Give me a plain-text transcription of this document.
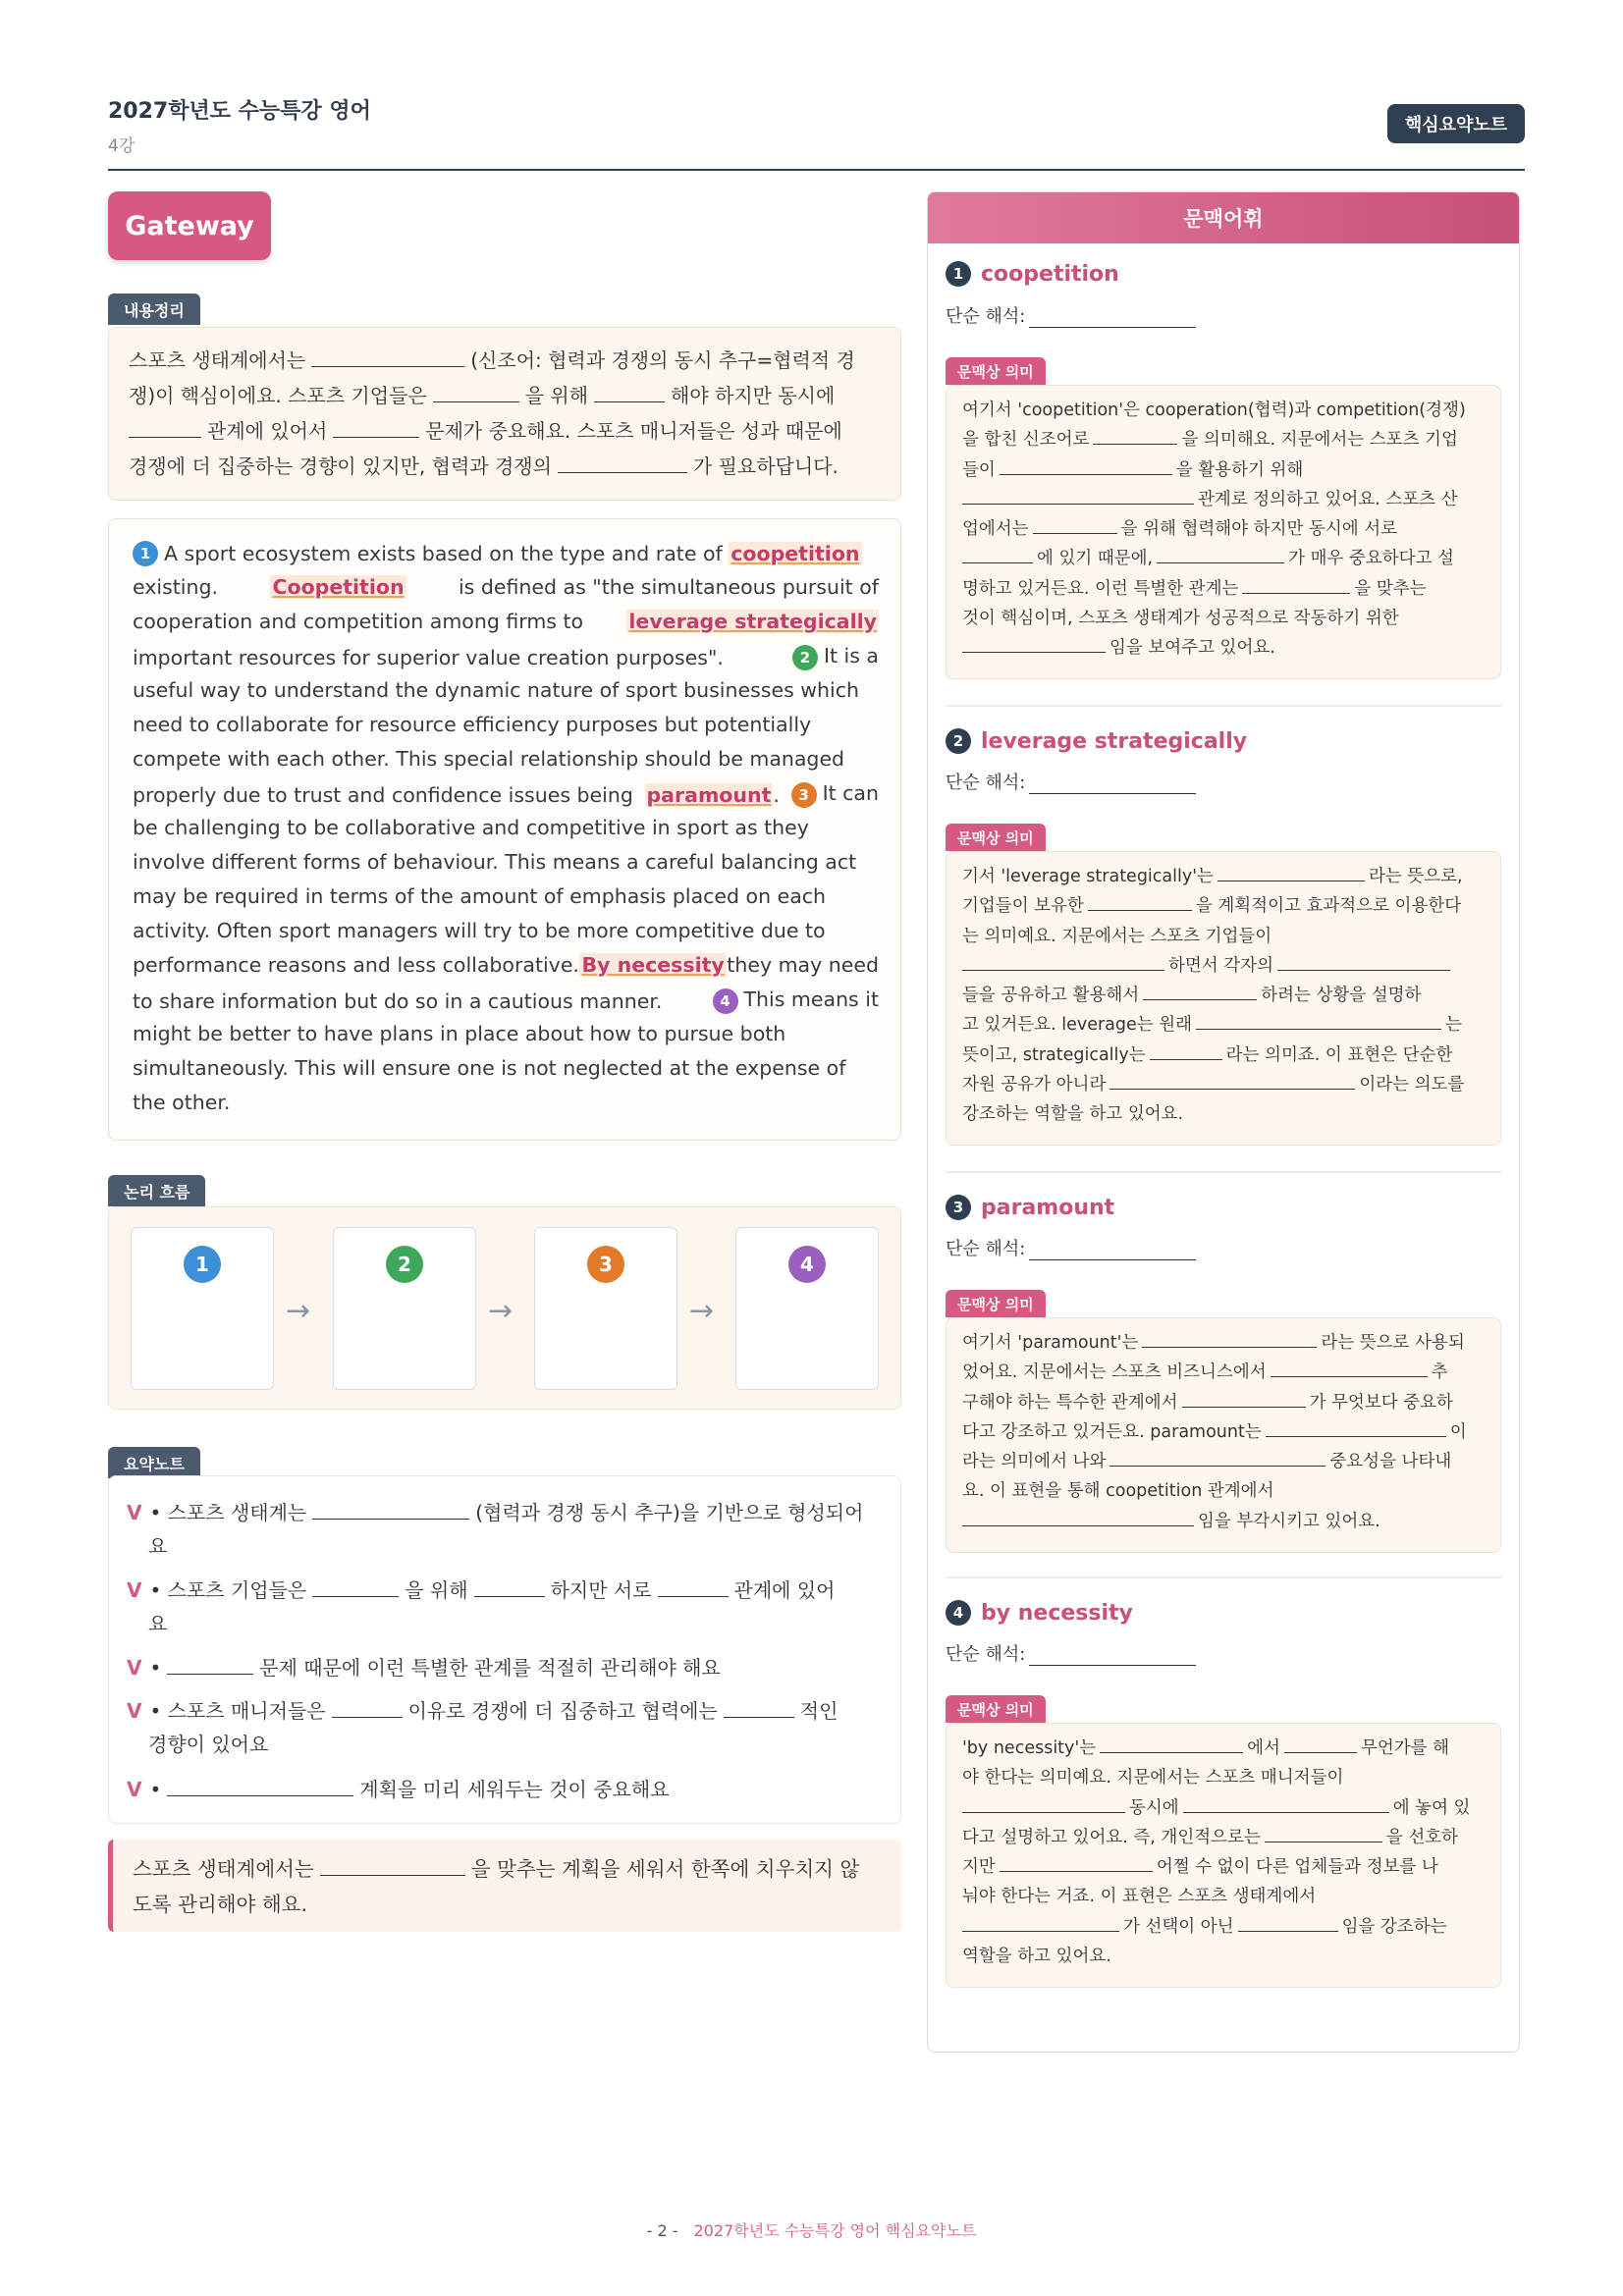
2027학년도 수능특강 영어
4강
핵심요약노트
Gateway
내용정리
스포츠 생태계에서는	(신조어: 협력과 경쟁의 동시 추구=협력적 경
쟁)이 핵심이에요. 스포츠 기업들은	을 위해	해야 하지만 동시에
관계에 있어서	문제가 중요해요. 스포츠 매니저들은 성과 때문에
경쟁에 더 집중하는 경향이 있지만, 협력과 경쟁의	가 필요하답니다.
1 A sport ecosystem exists based on the type and rate of
coopetition
existing.	Coopetition	is defined as "the simultaneous pursuit of
cooperation and competition among firms to leverage strategically
important resources for superior value creation purposes".	2 It is a
useful way to understand the dynamic nature of sport businesses which
need to collaborate for resource efficiency purposes but potentially
compete with each other. This special relationship should be managed
properly due to trust and confidence issues being paramount.	3 It can
be challenging to be collaborative and competitive in sport as they
involve different forms of behaviour. This means a careful balancing act
may be required in terms of the amount of emphasis placed on each
activity. Often sport managers will try to be more competitive due to
performance reasons and less collaborative. By necessity they may need
to share information but do so in a cautious manner.	4 This means it
might be better to have plans in place about how to pursue both
simultaneously. This will ensure one is not neglected at the expense of
the other.
논리 흐름
1
→
2
→
3
→
4
요약노트
V • 스포츠 생태계는	(협력과 경쟁 동시 추구)을 기반으로 형성되어
요
V • 스포츠 기업들은	을 위해	하지만 서로	관계에 있어
요
V •	문제 때문에 이런 특별한 관계를 적절히 관리해야 해요
V • 스포츠 매니저들은	이유로 경쟁에 더 집중하고 협력에는	적인
경향이 있어요
V •	계획을 미리 세워두는 것이 중요해요
스포츠 생태계에서는	을 맞추는 계획을 세워서 한쪽에 치우치지 않
도록 관리해야 해요.
문맥어휘
1 coopetition
단순 해석:
문맥상 의미
여기서 'coopetition'은 cooperation(협력)과 competition(경쟁)
을 합친 신조어로	을 의미해요. 지문에서는 스포츠 기업
들이	을 활용하기 위해
관계로 정의하고 있어요. 스포츠 산
업에서는	을 위해 협력해야 하지만 동시에 서로
에 있기 때문에,	가 매우 중요하다고 설
명하고 있거든요. 이런 특별한 관계는	을 맞추는
것이 핵심이며, 스포츠 생태계가 성공적으로 작동하기 위한
임을 보여주고 있어요.
2 leverage strategically
단순 해석:
문맥상 의미
기서 'leverage strategically'는	라는 뜻으로,
기업들이 보유한	을 계획적이고 효과적으로 이용한다
는 의미예요. 지문에서는 스포츠 기업들이
하면서 각자의
들을 공유하고 활용해서	하려는 상황을 설명하
고 있거든요. leverage는 원래	는
뜻이고, strategically는	라는 의미죠. 이 표현은 단순한
자원 공유가 아니라	이라는 의도를
강조하는 역할을 하고 있어요.
3 paramount
단순 해석:
문맥상 의미
여기서 'paramount'는	라는 뜻으로 사용되
었어요. 지문에서는 스포츠 비즈니스에서	추
구해야 하는 특수한 관계에서	가 무엇보다 중요하
다고 강조하고 있거든요. paramount는	이
라는 의미에서 나와	중요성을 나타내
요. 이 표현을 통해 coopetition 관계에서
임을 부각시키고 있어요.
4 by necessity
단순 해석:
문맥상 의미
'by necessity'는	에서	무언가를 해
야 한다는 의미예요. 지문에서는 스포츠 매니저들이
동시에	에 놓여 있
다고 설명하고 있어요. 즉, 개인적으로는	을 선호하
지만	어쩔 수 없이 다른 업체들과 정보를 나
눠야 한다는 거죠. 이 표현은 스포츠 생태계에서
가 선택이 아닌	임을 강조하는
역할을 하고 있어요.
- 2 - 2027학년도 수능특강 영어 핵심요약노트
